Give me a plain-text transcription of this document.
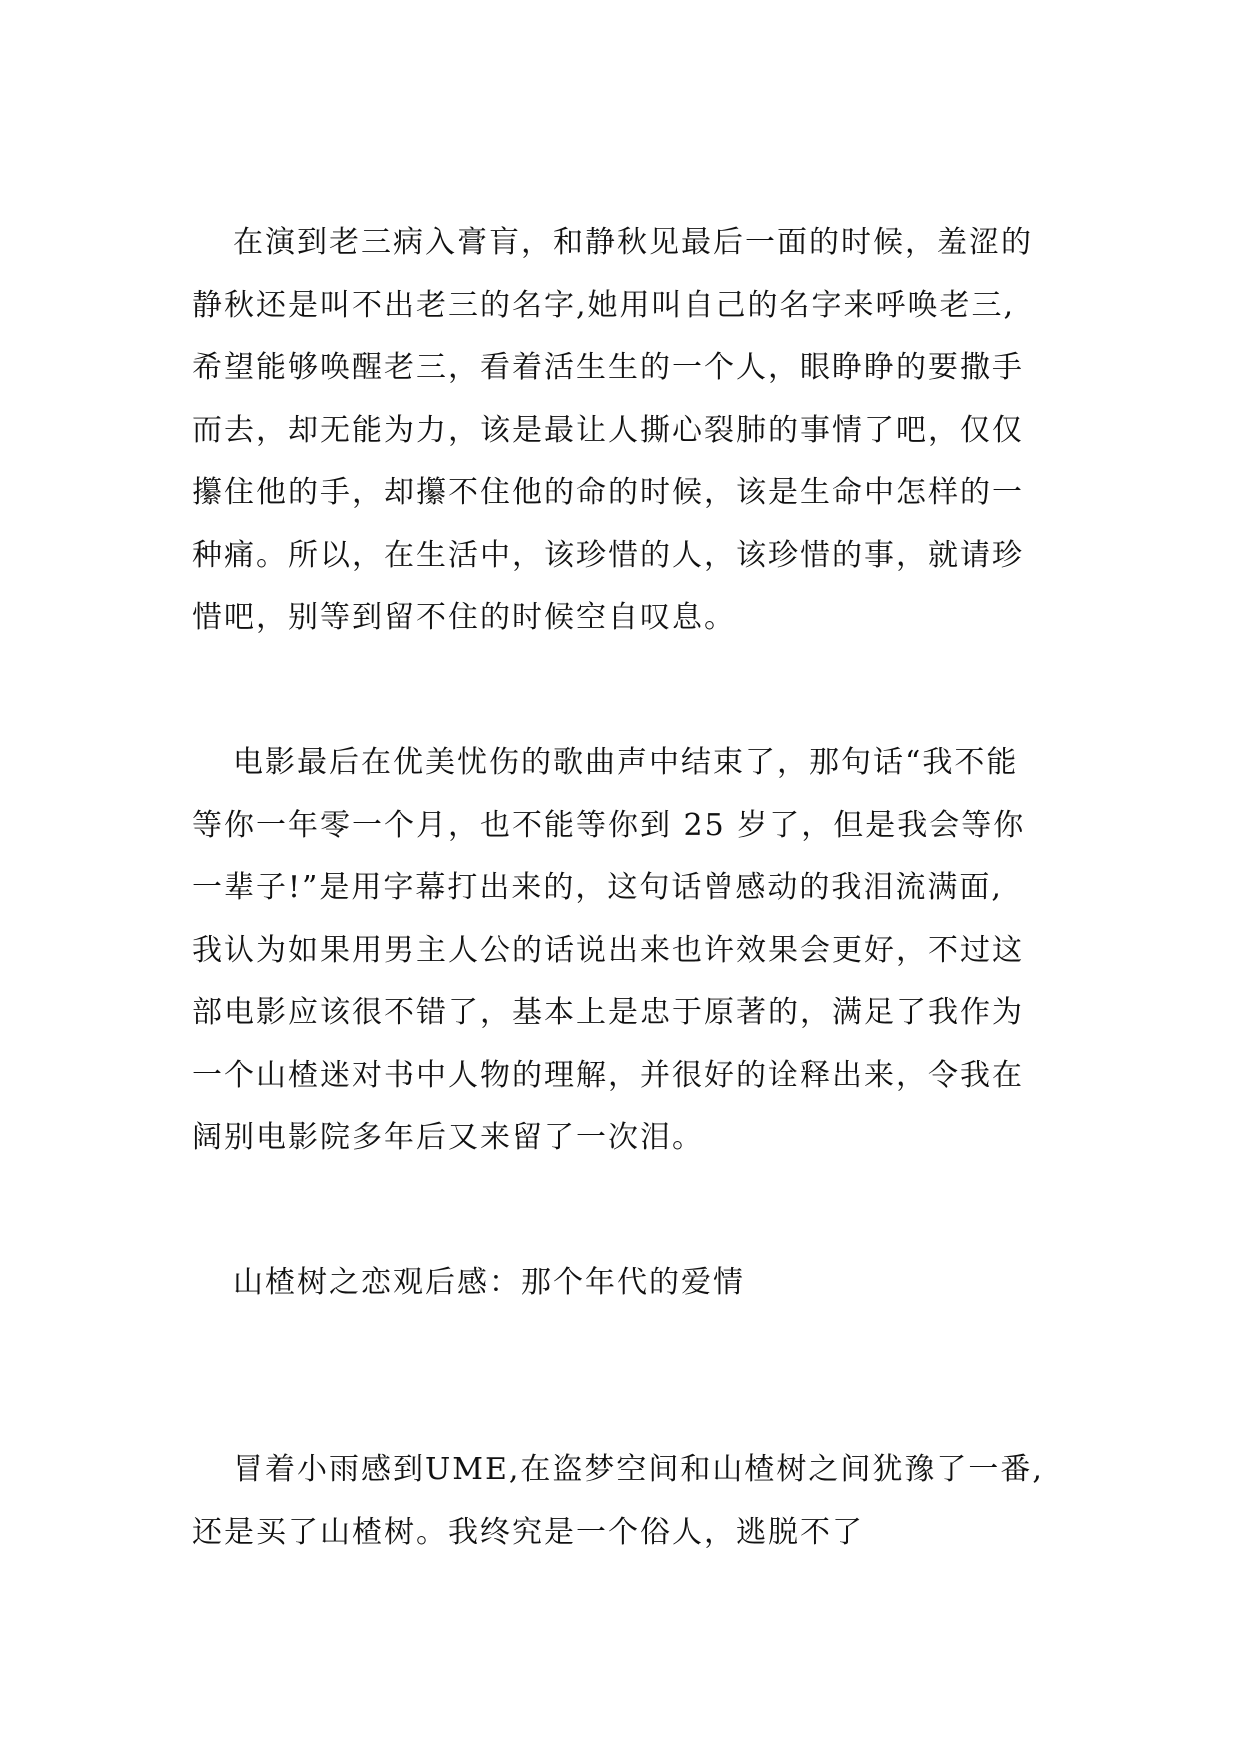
在演到老三病入膏肓，和静秋见最后一面的时候，羞涩的
静秋还是叫不出老三的名字,她用叫自己的名字来呼唤老三,
希望能够唤醒老三，看着活生生的一个人，眼睁睁的要撒手
而去，却无能为力，该是最让人撕心裂肺的事情了吧，仅仅
攥住他的手，却攥不住他的命的时候，该是生命中怎样的一
种痛。所以，在生活中，该珍惜的人，该珍惜的事，就请珍
惜吧，别等到留不住的时候空自叹息。
电影最后在优美忧伤的歌曲声中结束了，那句话“我不能
等你一年零一个月，也不能等你到 25 岁了，但是我会等你
一辈子!”是用字幕打出来的，这句话曾感动的我泪流满面,
我认为如果用男主人公的话说出来也许效果会更好，不过这
部电影应该很不错了，基本上是忠于原著的，满足了我作为
一个山楂迷对书中人物的理解，并很好的诠释出来，令我在
阔别电影院多年后又来留了一次泪。
山楂树之恋观后感：那个年代的爱情
冒着小雨感到UME,在盗梦空间和山楂树之间犹豫了一番,
还是买了山楂树。我终究是一个俗人，逃脱不了
